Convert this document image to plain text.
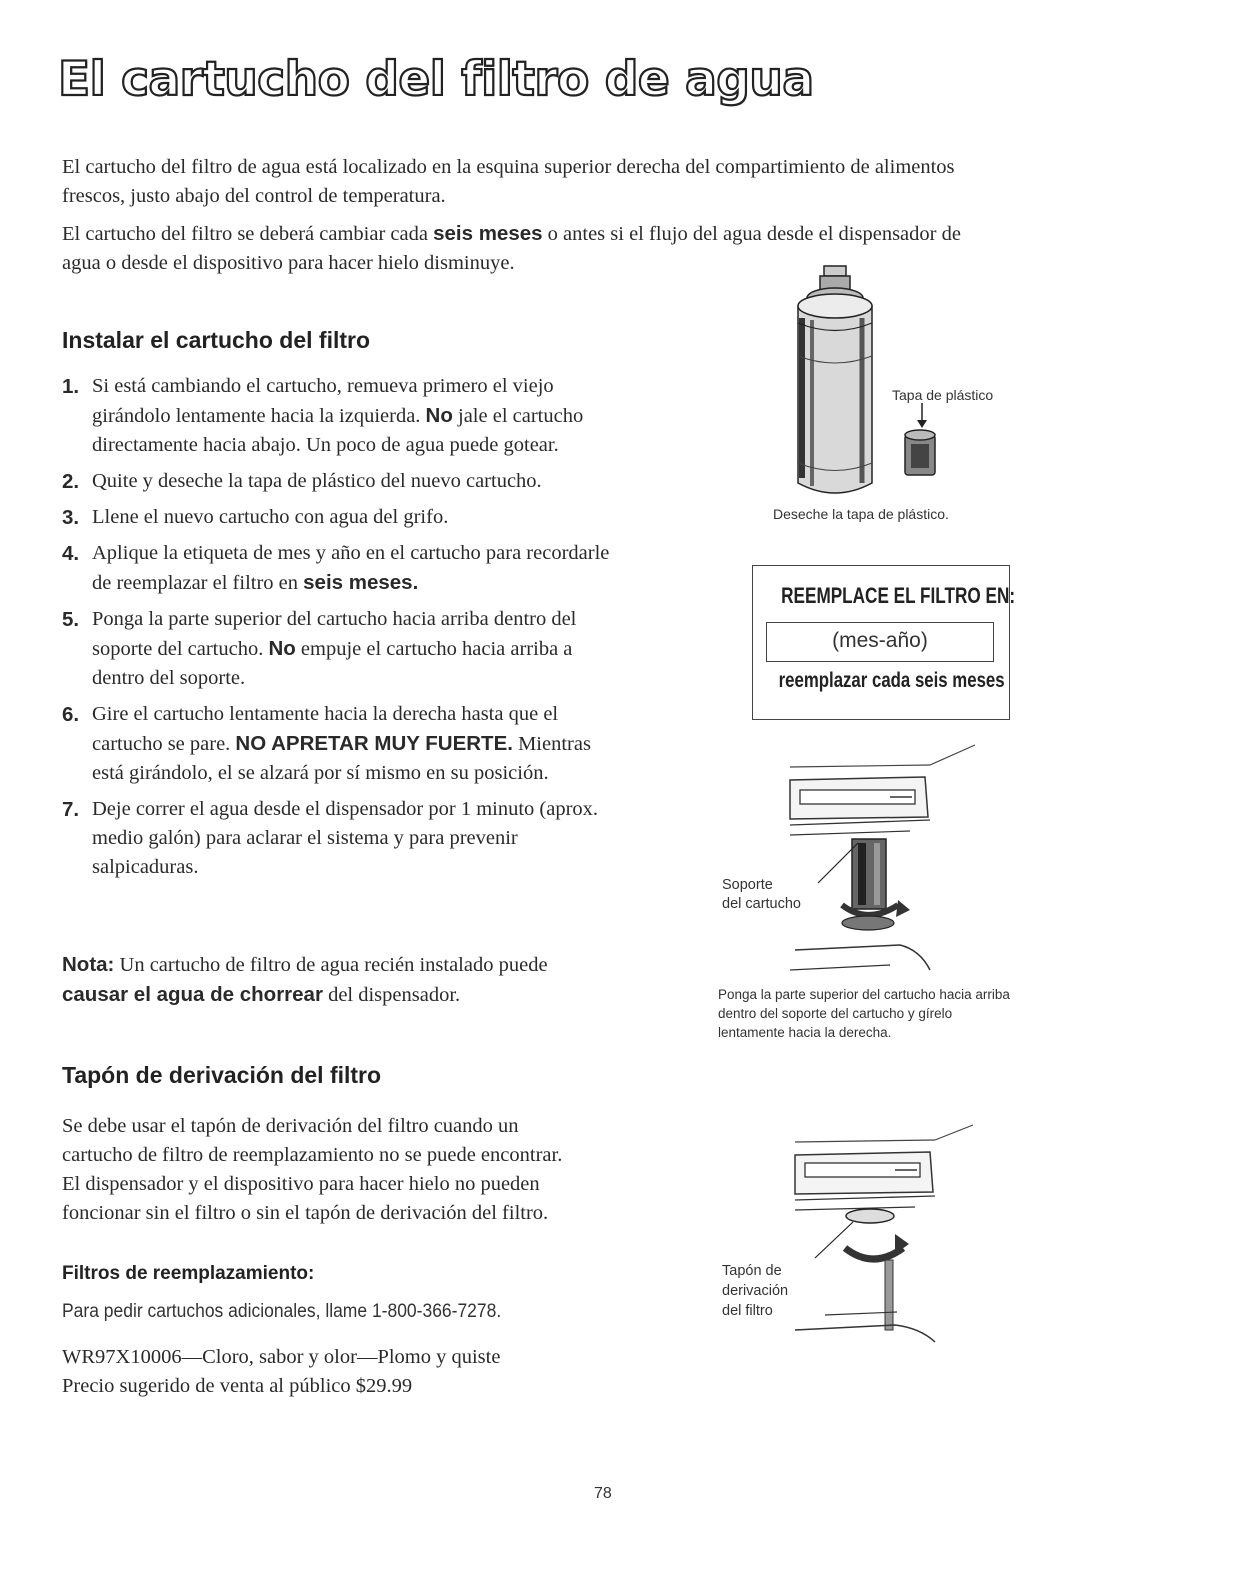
El cartucho del filtro de agua

El cartucho del filtro de agua está localizado en la esquina superior derecha del compartimiento de alimentos frescos, justo abajo del control de temperatura.

El cartucho del filtro se deberá cambiar cada seis meses o antes si el flujo del agua desde el dispensador de agua o desde el dispositivo para hacer hielo disminuye.

Instalar el cartucho del filtro
1. Si está cambiando el cartucho, remueva primero el viejo girándolo lentamente hacia la izquierda. No jale el cartucho directamente hacia abajo. Un poco de agua puede gotear.
2. Quite y deseche la tapa de plástico del nuevo cartucho.
3. Llene el nuevo cartucho con agua del grifo.
4. Aplique la etiqueta de mes y año en el cartucho para recordarle de reemplazar el filtro en seis meses.
5. Ponga la parte superior del cartucho hacia arriba dentro del soporte del cartucho. No empuje el cartucho hacia arriba a dentro del soporte.
6. Gire el cartucho lentamente hacia la derecha hasta que el cartucho se pare. NO APRETAR MUY FUERTE. Mientras está girándolo, el se alzará por sí mismo en su posición.
7. Deje correr el agua desde el dispensador por 1 minuto (aprox. medio galón) para aclarar el sistema y para prevenir salpicaduras.

Nota: Un cartucho de filtro de agua recién instalado puede causar el agua de chorrear del dispensador.

Tapón de derivación del filtro

Se debe usar el tapón de derivación del filtro cuando un cartucho de filtro de reemplazamiento no se puede encontrar. El dispensador y el dispositivo para hacer hielo no pueden foncionar sin el filtro o sin el tapón de derivación del filtro.

Filtros de reemplazamiento:

Para pedir cartuchos adicionales, llame 1-800-366-7278.

WR97X10006—Cloro, sabor y olor—Plomo y quiste

Precio sugerido de venta al público $29.99

Tapa de plástico
Deseche la tapa de plástico.
REEMPLACE EL FILTRO EN:
(mes-año)
reemplazar cada seis meses
Soporte
del cartucho
Ponga la parte superior del cartucho hacia arriba
dentro del soporte del cartucho y gírelo
lentamente hacia la derecha.
Tapón de
derivación
del filtro
78
